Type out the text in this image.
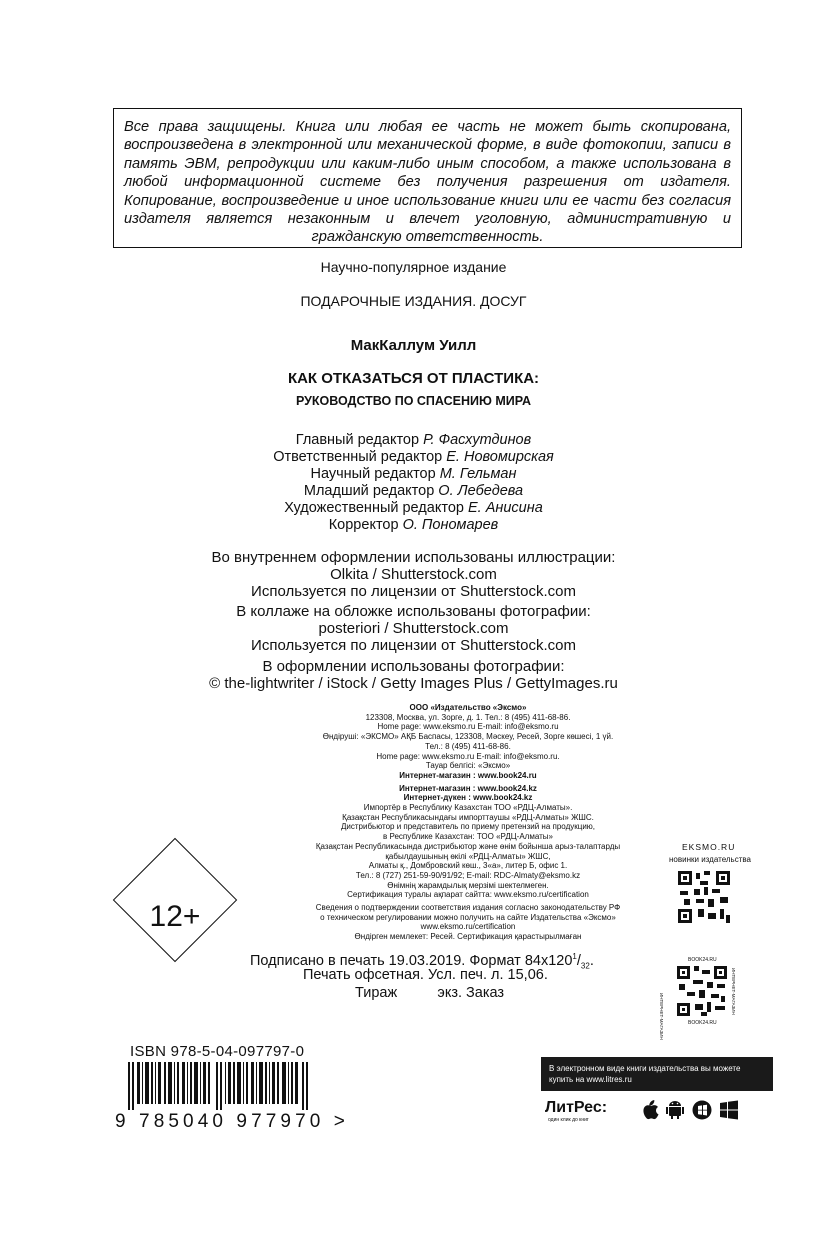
Все права защищены. Книга или любая ее часть не может быть скопирована, воспроизведена в электронной или механической форме, в виде фотокопии, записи в память ЭВМ, репродукции или каким-либо иным способом, а также использована в любой информационной системе без получения разрешения от издателя. Копирование, воспроизведение и иное использование книги или ее части без согласия издателя является незаконным и влечет уголовную, административную и гражданскую ответственность.
Научно-популярное издание
ПОДАРОЧНЫЕ ИЗДАНИЯ. ДОСУГ
МакКаллум Уилл
КАК ОТКАЗАТЬСЯ ОТ ПЛАСТИКА:
РУКОВОДСТВО ПО СПАСЕНИЮ МИРА
Главный редактор Р. Фасхутдинов
Ответственный редактор Е. Новомирская
Научный редактор М. Гельман
Младший редактор О. Лебедева
Художественный редактор Е. Анисина
Корректор О. Пономарев
Во внутреннем оформлении использованы иллюстрации:
Olkita / Shutterstock.com
Используется по лицензии от Shutterstock.com
В коллаже на обложке использованы фотографии:
posteriori / Shutterstock.com
Используется по лицензии от Shutterstock.com
В оформлении использованы фотографии:
© the-lightwriter / iStock / Getty Images Plus / GettyImages.ru
ООО «Издательство «Эксмо»
123308, Москва, ул. Зорге, д. 1. Тел.: 8 (495) 411-68-86.
Home page: www.eksmo.ru E-mail: info@eksmo.ru
Өндіруші: «ЭКСМО» АҚБ Баспасы, 123308, Мәскеу, Ресей, Зорге көшесі, 1 үй.
Тел.: 8 (495) 411-68-86.
Home page: www.eksmo.ru E-mail: info@eksmo.ru.
Тауар белгісі: «Эксмо»
Интернет-магазин : www.book24.ru
Интернет-магазин : www.book24.kz
Интернет-дүкен : www.book24.kz
Импортёр в Республику Казахстан ТОО «РДЦ-Алматы».
Қазақстан Республикасындағы импорттаушы «РДЦ-Алматы» ЖШС.
Дистрибьютор и представитель по приему претензий на продукцию,
в Республике Казахстан: ТОО «РДЦ-Алматы»
Қазақстан Республикасында дистрибьютор және өнім бойынша арыз-талаптарды
қабылдаушының өкілі «РДЦ-Алматы» ЖШС,
Алматы қ., Домбровский көш., 3«а», литер Б, офис 1.
Тел.: 8 (727) 251-59-90/91/92; E-mail: RDC-Almaty@eksmo.kz
Өнімнің жарамдылық мерзімі шектелмеген.
Сертификация туралы ақпарат сайтта: www.eksmo.ru/certification
Сведения о подтверждении соответствия издания согласно законодательству РФ
о техническом регулировании можно получить на сайте Издательства «Эксмо»
www.eksmo.ru/certification
Өндірген мемлекет: Ресей. Сертификация қарастырылмаған
12+
Подписано в печать 19.03.2019. Формат $84x120^1/_{32}$.
Печать офсетная. Усл. печ. л. 15,06.
Тираж          экз. Заказ
EKSMO.RU
новинки издательства
BOOK24.RU
ИНТЕРНЕТ-МАГАЗИН
ИНТЕРНЕТ-МАГАЗИН
BOOK24.RU
ISBN 978-5-04-097797-0
9 785040 977970 >
В электронном виде книги издательства вы можете
купить на www.litres.ru
ЛитРес:
один клик до книг
